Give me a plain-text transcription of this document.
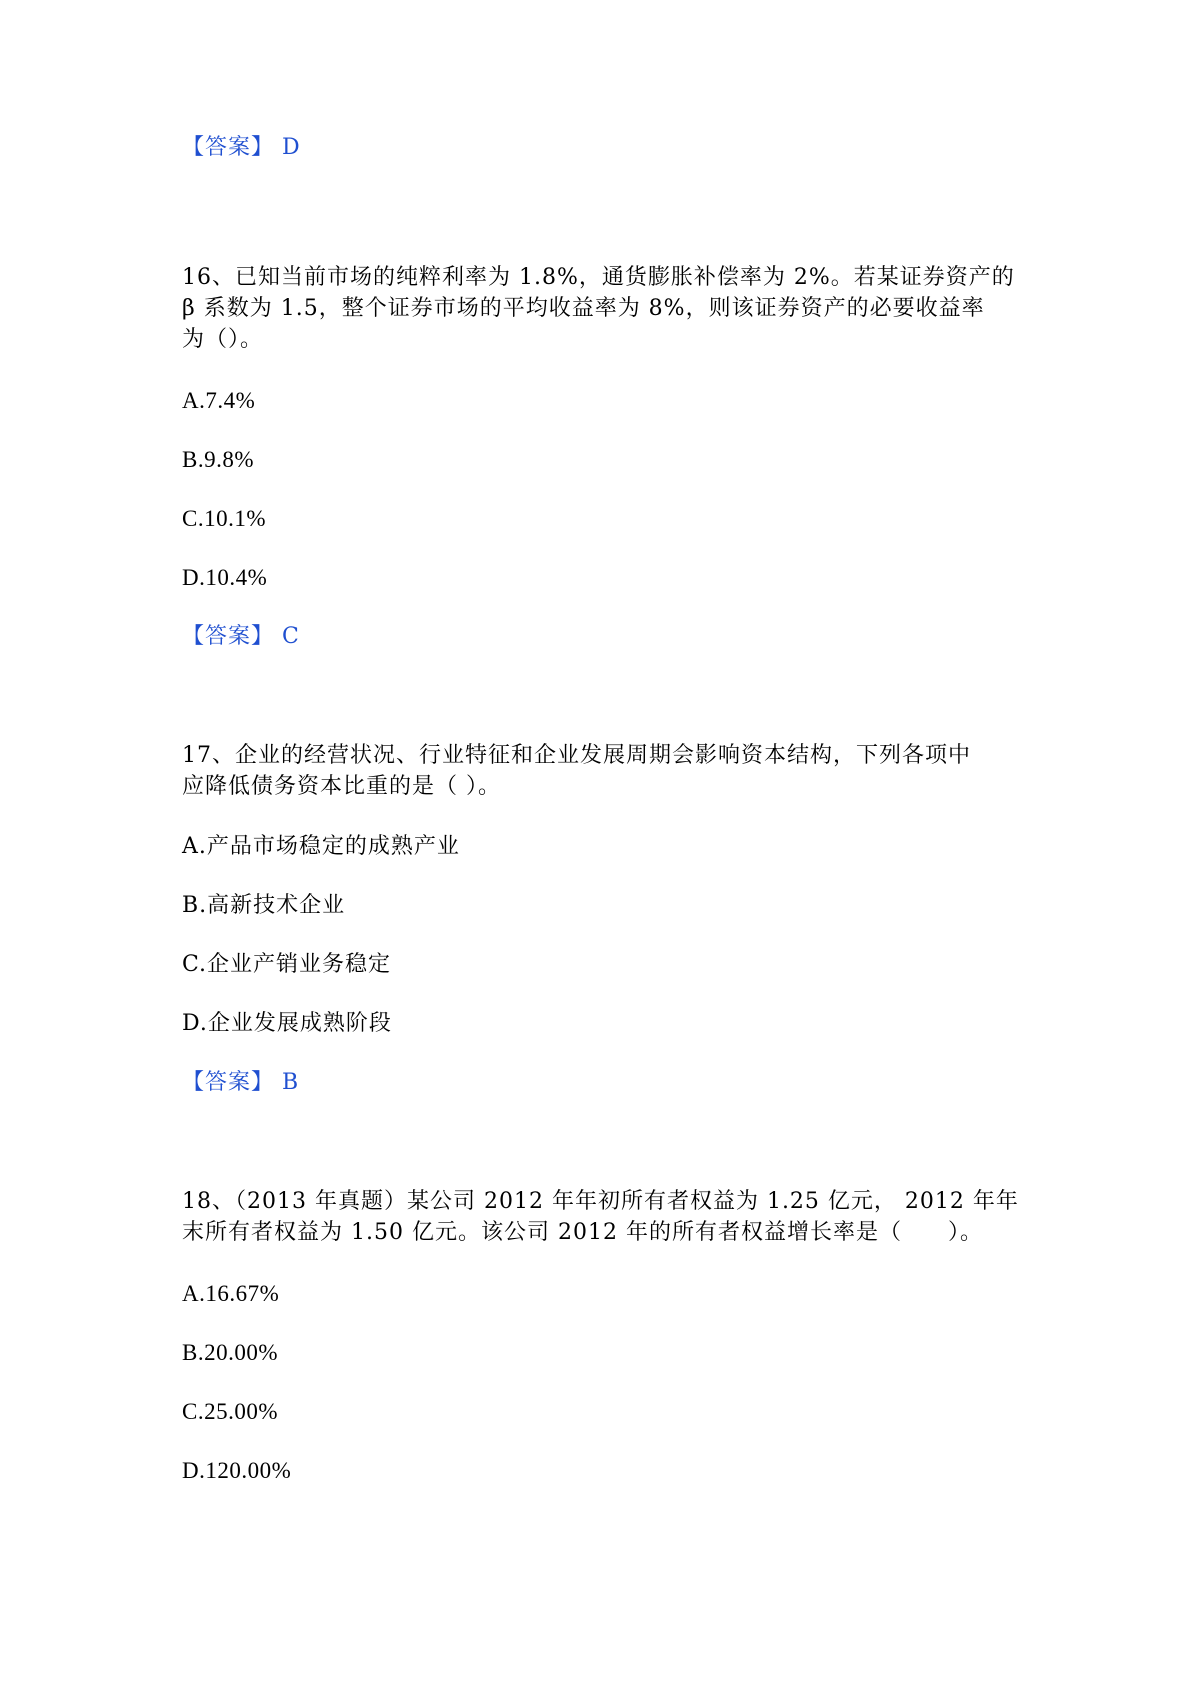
【答案】 D
16、已知当前市场的纯粹利率为 1.8%，通货膨胀补偿率为 2%。若某证券资产的
β 系数为 1.5，整个证券市场的平均收益率为 8%，则该证券资产的必要收益率
为（）。
A.7.4%
B.9.8%
C.10.1%
D.10.4%
【答案】 C
17、企业的经营状况、行业特征和企业发展周期会影响资本结构，下列各项中
应降低债务资本比重的是（ ）。
A.产品市场稳定的成熟产业
B.高新技术企业
C.企业产销业务稳定
D.企业发展成熟阶段
【答案】 B
18、（2013 年真题）某公司 2012 年年初所有者权益为 1.25 亿元， 2012 年年
末所有者权益为 1.50 亿元。该公司 2012 年的所有者权益增长率是（　　）。
A.16.67%
B.20.00%
C.25.00%
D.120.00%
